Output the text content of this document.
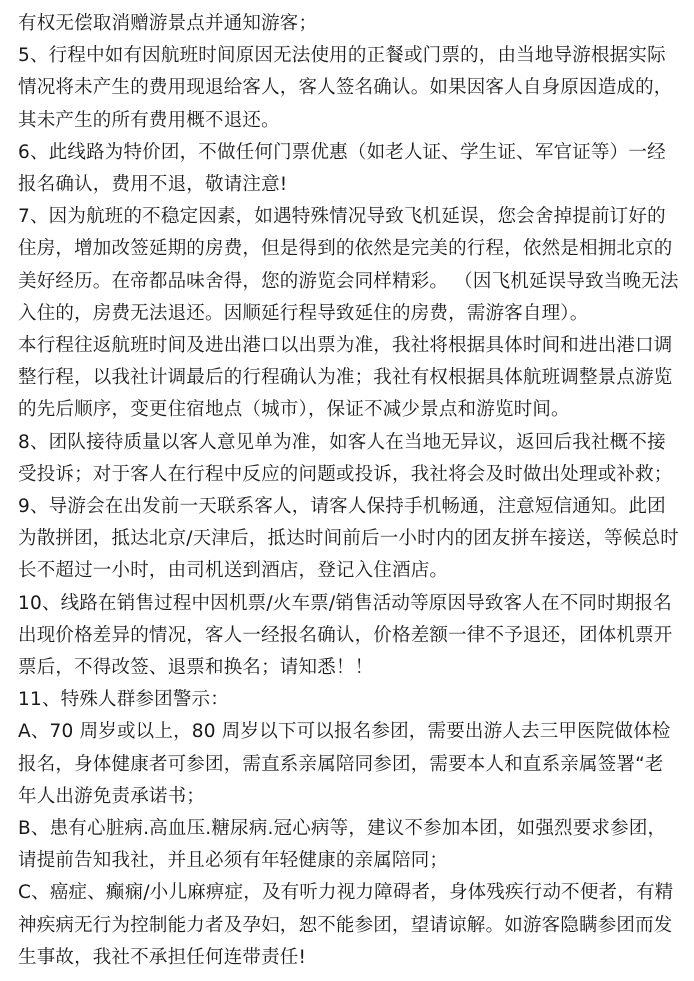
有权无偿取消赠游景点并通知游客；

5、行程中如有因航班时间原因无法使用的正餐或门票的，由当地导游根据实际情况将未产生的费用现退给客人，客人签名确认。如果因客人自身原因造成的，其未产生的所有费用概不退还。

6、此线路为特价团，不做任何门票优惠（如老人证、学生证、军官证等）一经报名确认，费用不退，敬请注意!

7、因为航班的不稳定因素，如遇特殊情况导致飞机延误，您会舍掉提前订好的住房，增加改签延期的房费，但是得到的依然是完美的行程，依然是相拥北京的美好经历。在帝都品味舍得，您的游览会同样精彩。 （因飞机延误导致当晚无法入住的，房费无法退还。因顺延行程导致延住的房费，需游客自理）。

本行程往返航班时间及进出港口以出票为准，我社将根据具体时间和进出港口调整行程，以我社计调最后的行程确认为准；我社有权根据具体航班调整景点游览的先后顺序，变更住宿地点（城市），保证不减少景点和游览时间。

8、团队接待质量以客人意见单为准，如客人在当地无异议，返回后我社概不接受投诉；对于客人在行程中反应的问题或投诉，我社将会及时做出处理或补救；

9、导游会在出发前一天联系客人，请客人保持手机畅通，注意短信通知。此团为散拼团，抵达北京/天津后，抵达时间前后一小时内的团友拼车接送，等候总时长不超过一小时，由司机送到酒店，登记入住酒店。

10、线路在销售过程中因机票/火车票/销售活动等原因导致客人在不同时期报名出现价格差异的情况，客人一经报名确认，价格差额一律不予退还，团体机票开票后，不得改签、退票和换名；请知悉！！

11、特殊人群参团警示：

A、70 周岁或以上，80 周岁以下可以报名参团，需要出游人去三甲医院做体检报名，身体健康者可参团，需直系亲属陪同参团，需要本人和直系亲属签署“老年人出游免责承诺书；

B、患有心脏病.高血压.糖尿病.冠心病等，建议不参加本团，如强烈要求参团，请提前告知我社，并且必须有年轻健康的亲属陪同；

C、癌症、癫痫/小儿麻痹症，及有听力视力障碍者，身体残疾行动不便者，有精神疾病无行为控制能力者及孕妇，恕不能参团，望请谅解。如游客隐瞒参团而发生事故，我社不承担任何连带责任!
